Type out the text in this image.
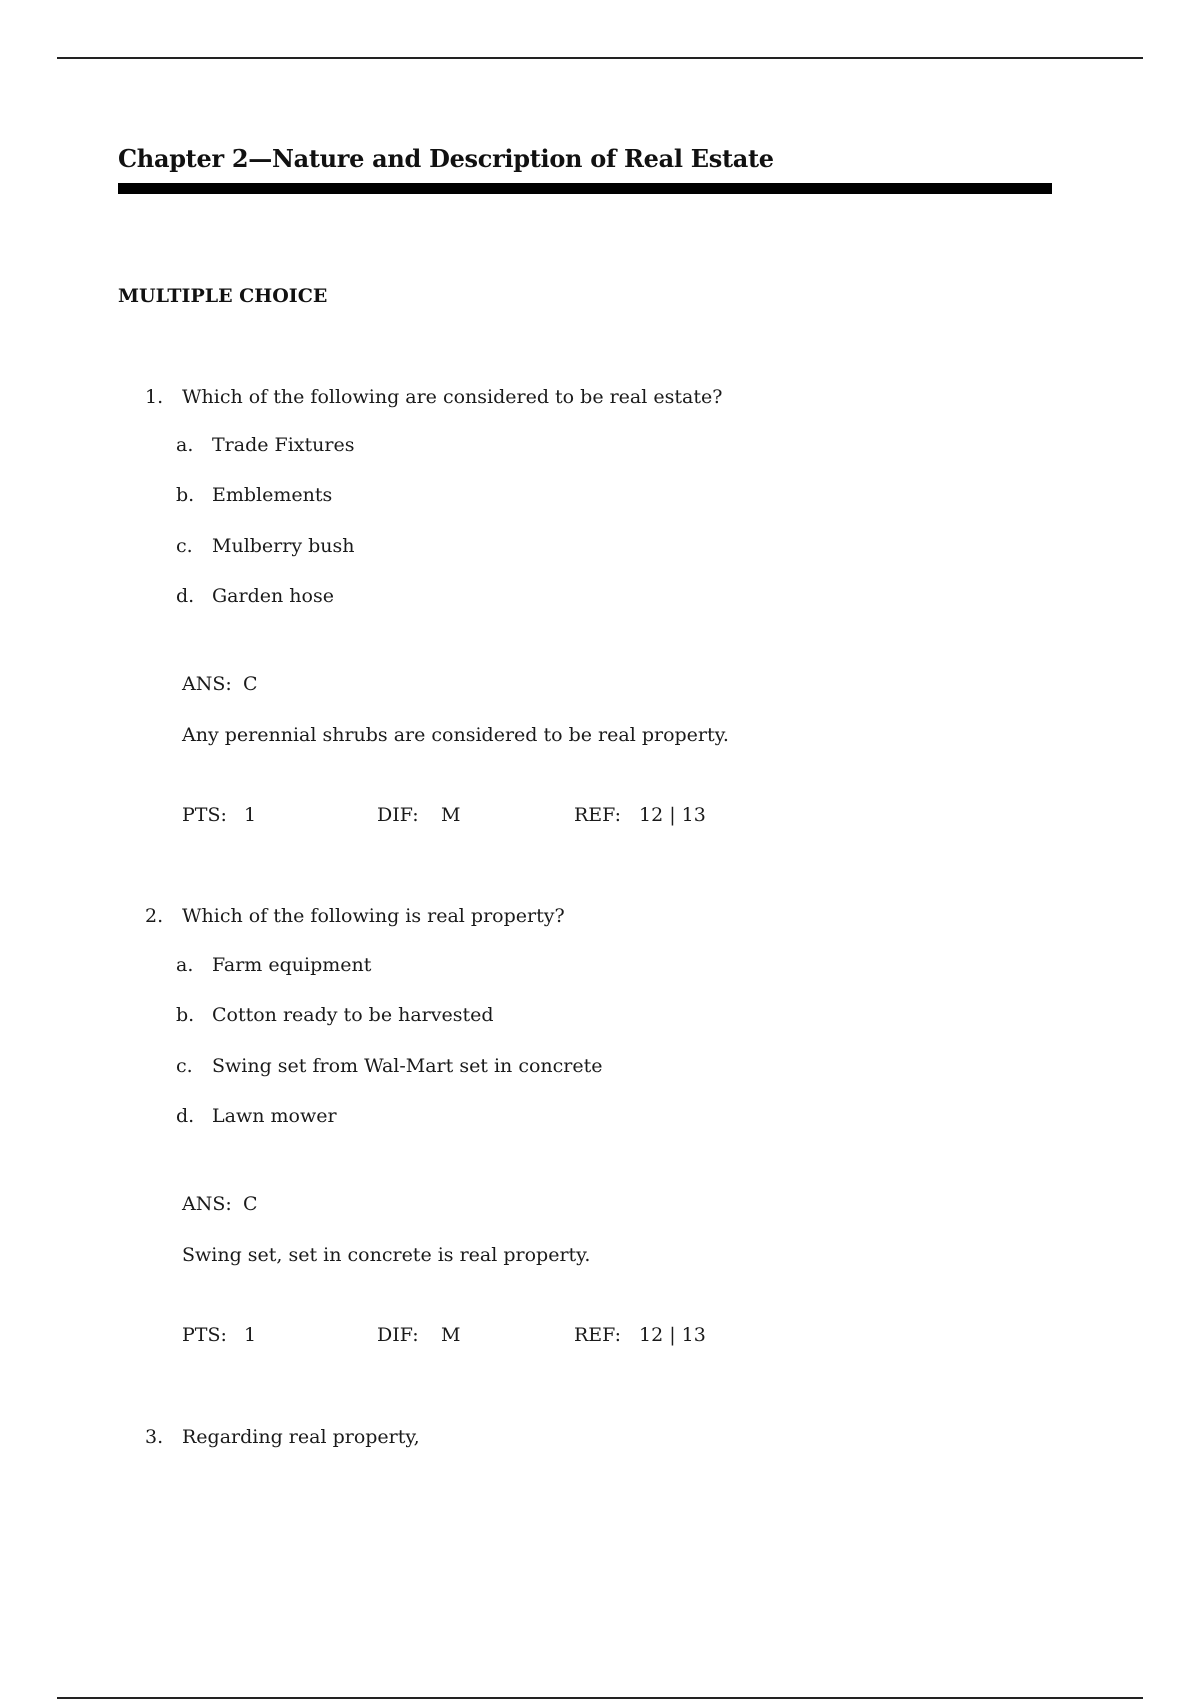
Chapter 2—Nature and Description of Real Estate
MULTIPLE CHOICE
1. Which of the following are considered to be real estate?
a. Trade Fixtures
b. Emblements
c. Mulberry bush
d. Garden hose
ANS: C
Any perennial shrubs are considered to be real property.
PTS: 1	DIF: M	REF: 12 | 13
2. Which of the following is real property?
a. Farm equipment
b. Cotton ready to be harvested
c. Swing set from Wal-Mart set in concrete
d. Lawn mower
ANS: C
Swing set, set in concrete is real property.
PTS: 1	DIF: M	REF: 12 | 13
3. Regarding real property,
